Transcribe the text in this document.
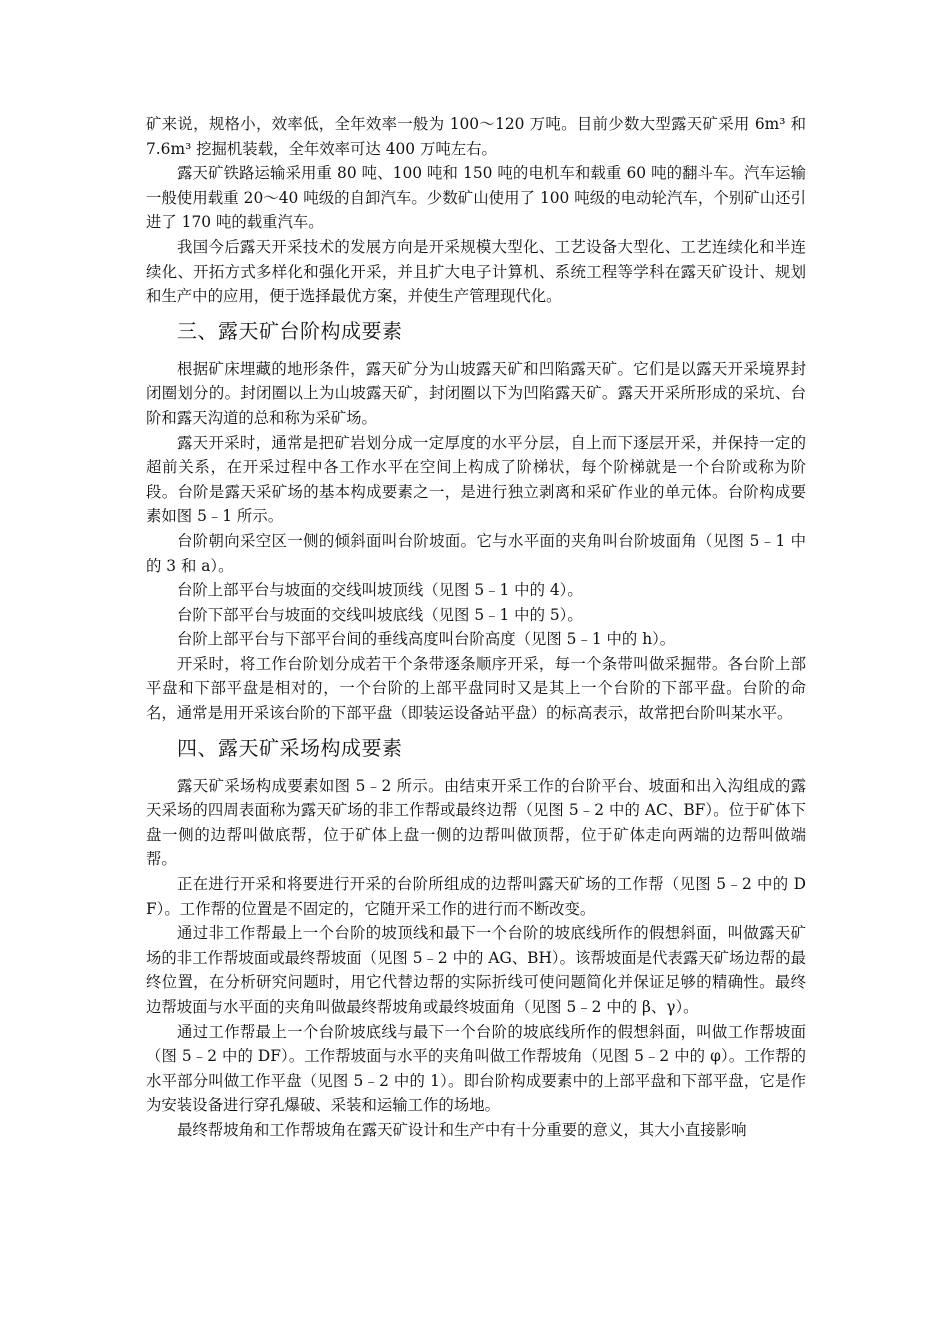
矿来说，规格小，效率低，全年效率一般为 100～120 万吨。目前少数大型露天矿采用 6m³ 和 7.6m³ 挖掘机装载，全年效率可达 400 万吨左右。

露天矿铁路运输采用重 80 吨、100 吨和 150 吨的电机车和载重 60 吨的翻斗车。汽车运输一般使用载重 20～40 吨级的自卸汽车。少数矿山使用了 100 吨级的电动轮汽车，个别矿山还引进了 170 吨的载重汽车。

我国今后露天开采技术的发展方向是开采规模大型化、工艺设备大型化、工艺连续化和半连续化、开拓方式多样化和强化开采，并且扩大电子计算机、系统工程等学科在露天矿设计、规划和生产中的应用，便于选择最优方案，并使生产管理现代化。

三、露天矿台阶构成要素

根据矿床埋藏的地形条件，露天矿分为山坡露天矿和凹陷露天矿。它们是以露天开采境界封闭圈划分的。封闭圈以上为山坡露天矿，封闭圈以下为凹陷露天矿。露天开采所形成的采坑、台阶和露天沟道的总和称为采矿场。

露天开采时，通常是把矿岩划分成一定厚度的水平分层，自上而下逐层开采，并保持一定的超前关系，在开采过程中各工作水平在空间上构成了阶梯状，每个阶梯就是一个台阶或称为阶段。台阶是露天采矿场的基本构成要素之一，是进行独立剥离和采矿作业的单元体。台阶构成要素如图 5﹣1 所示。

台阶朝向采空区一侧的倾斜面叫台阶坡面。它与水平面的夹角叫台阶坡面角（见图 5﹣1 中的 3 和 a）。

台阶上部平台与坡面的交线叫坡顶线（见图 5﹣1 中的 4）。

台阶下部平台与坡面的交线叫坡底线（见图 5﹣1 中的 5）。

台阶上部平台与下部平台间的垂线高度叫台阶高度（见图 5﹣1 中的 h）。

开采时，将工作台阶划分成若干个条带逐条顺序开采，每一个条带叫做采掘带。各台阶上部平盘和下部平盘是相对的，一个台阶的上部平盘同时又是其上一个台阶的下部平盘。台阶的命名，通常是用开采该台阶的下部平盘（即装运设备站平盘）的标高表示，故常把台阶叫某水平。

四、露天矿采场构成要素

露天矿采场构成要素如图 5﹣2 所示。由结束开采工作的台阶平台、坡面和出入沟组成的露天采场的四周表面称为露天矿场的非工作帮或最终边帮（见图 5﹣2 中的 AC、BF）。位于矿体下盘一侧的边帮叫做底帮，位于矿体上盘一侧的边帮叫做顶帮，位于矿体走向两端的边帮叫做端帮。

正在进行开采和将要进行开采的台阶所组成的边帮叫露天矿场的工作帮（见图 5﹣2 中的 DF）。工作帮的位置是不固定的，它随开采工作的进行而不断改变。

通过非工作帮最上一个台阶的坡顶线和最下一个台阶的坡底线所作的假想斜面，叫做露天矿场的非工作帮坡面或最终帮坡面（见图 5﹣2 中的 AG、BH）。该帮坡面是代表露天矿场边帮的最终位置，在分析研究问题时，用它代替边帮的实际折线可使问题简化并保证足够的精确性。最终边帮坡面与水平面的夹角叫做最终帮坡角或最终坡面角（见图 5﹣2 中的 β、γ）。

通过工作帮最上一个台阶坡底线与最下一个台阶的坡底线所作的假想斜面，叫做工作帮坡面（图 5﹣2 中的 DF）。工作帮坡面与水平的夹角叫做工作帮坡角（见图 5﹣2 中的 φ）。工作帮的水平部分叫做工作平盘（见图 5﹣2 中的 1）。即台阶构成要素中的上部平盘和下部平盘，它是作为安装设备进行穿孔爆破、采装和运输工作的场地。

最终帮坡角和工作帮坡角在露天矿设计和生产中有十分重要的意义，其大小直接影响
